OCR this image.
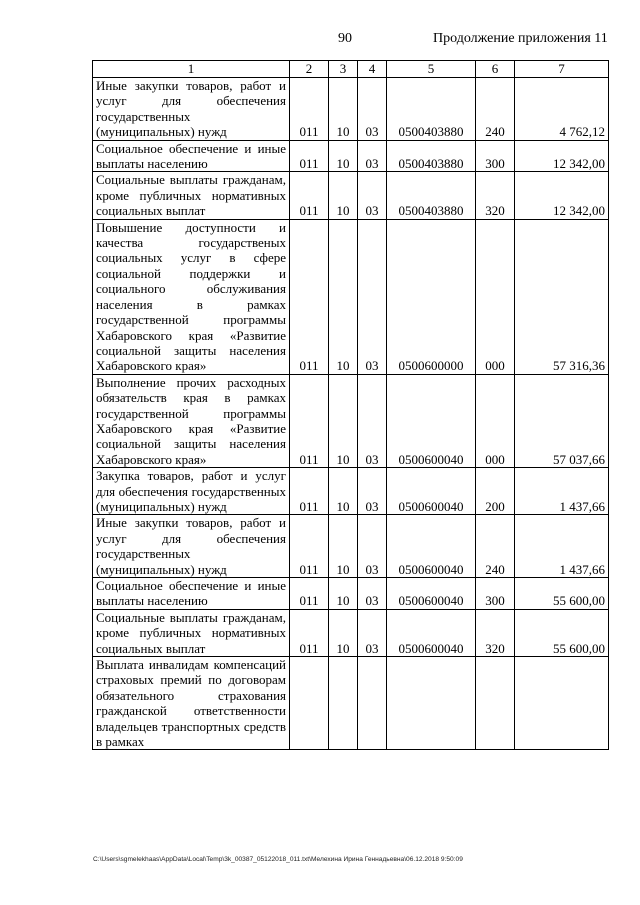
90	Продолжение приложения 11
1	2	3	4	5	6	7
Иные закупки товаров, работ и услуг для обеспечения государственных (муниципальных) нужд	011	10	03	0500403880	240	4 762,12
Социальное обеспечение и иные выплаты населению	011	10	03	0500403880	300	12 342,00
Социальные выплаты гражданам, кроме публичных нормативных социальных выплат	011	10	03	0500403880	320	12 342,00
Повышение доступности и качества государственых социальных услуг в сфере социальной поддержки и социального обслуживания населения в рамках государственной программы Хабаровского края «Развитие социальной защиты населения Хабаровского края»	011	10	03	0500600000	000	57 316,36
Выполнение прочих расходных обязательств края в рамках государственной программы Хабаровского края «Развитие социальной защиты населения Хабаровского края»	011	10	03	0500600040	000	57 037,66
Закупка товаров, работ и услуг для обеспечения государственных (муниципальных) нужд	011	10	03	0500600040	200	1 437,66
Иные закупки товаров, работ и услуг для обеспечения государственных (муниципальных) нужд	011	10	03	0500600040	240	1 437,66
Социальное обеспечение и иные выплаты населению	011	10	03	0500600040	300	55 600,00
Социальные выплаты гражданам, кроме публичных нормативных социальных выплат	011	10	03	0500600040	320	55 600,00
Выплата инвалидам компенсаций страховых премий по договорам обязательного страхования гражданской ответственности владельцев транспортных средств в рамках						
C:\Users\sgmelekhaas\AppData\Local\Temp\3k_00387_05122018_011.txt\Мелехина Ирина Геннадьевна\06.12.2018 9:50:09
